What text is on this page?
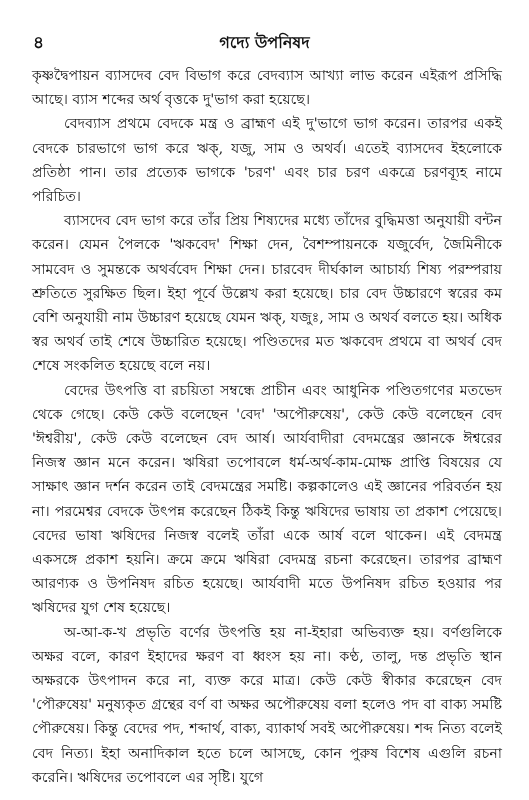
৪	গদ্যে উপনিষদ

কৃষ্ণদ্বৈপায়ন ব্যাসদেব বেদ বিভাগ করে বেদব্যাস আখ্যা লাভ করেন এইরূপ প্রসিদ্ধি আছে। ব্যাস শব্দের অর্থ বৃত্তকে দু'ভাগ করা হয়েছে।

বেদব্যাস প্রথমে বেদকে মন্ত্র ও ব্রাহ্মণ এই দু'ভাগে ভাগ করেন। তারপর একই বেদকে চারভাগে ভাগ করে ঋক্‌, যজু, সাম ও অথর্ব। এতেই ব্যাসদেব ইহলোকে প্রতিষ্ঠা পান। তার প্রত্যেক ভাগকে 'চরণ' এবং চার চরণ একত্রে চরণব্যূহ নামে পরিচিত।

ব্যাসদেব বেদ ভাগ করে তাঁর প্রিয় শিষ্যদের মধ্যে তাঁদের বুদ্ধিমত্তা অনুযায়ী বন্টন করেন। যেমন পৈলকে 'ঋকবেদ' শিক্ষা দেন, বৈশম্পায়নকে যজুর্বেদ, জৈমিনীকে সামবেদ ও সুমন্তকে অথর্ববেদ শিক্ষা দেন। চারবেদ দীর্ঘকাল আচার্য্য শিষ্য পরম্পরায় শ্রুতিতে সুরক্ষিত ছিল। ইহা পূর্বে উল্লেখ করা হয়েছে। চার বেদ উচ্চারণে স্বরের কম বেশি অনুযায়ী নাম উচ্চারণ হয়েছে যেমন ঋক্‌, যজুঃ, সাম ও অথর্ব বলতে হয়। অধিক স্বর অথর্ব তাই শেষে উচ্চারিত হয়েছে। পণ্ডিতদের মত ঋকবেদ প্রথমে বা অথর্ব বেদ শেষে সংকলিত হয়েছে বলে নয়।

বেদের উৎপত্তি বা রচয়িতা সম্বন্ধে প্রাচীন এবং আধুনিক পণ্ডিতগণের মতভেদ থেকে গেছে। কেউ কেউ বলেছেন 'বেদ' 'অপৌরুষেয়', কেউ কেউ বলেছেন বেদ 'ঈশ্বরীয়', কেউ কেউ বলেছেন বেদ আর্ষ। আর্যবাদীরা বেদমন্ত্রের জ্ঞানকে ঈশ্বরের নিজস্ব জ্ঞান মনে করেন। ঋষিরা তপোবলে ধর্ম-অর্থ-কাম-মোক্ষ প্রাপ্তি বিষয়ের যে সাক্ষাৎ জ্ঞান দর্শন করেন তাই বেদমন্ত্রের সমষ্টি। কল্পকালেও এই জ্ঞানের পরিবর্তন হয় না। পরমেশ্বর বেদকে উৎপন্ন করেছেন ঠিকই কিন্তু ঋষিদের ভাষায় তা প্রকাশ পেয়েছে। বেদের ভাষা ঋষিদের নিজস্ব বলেই তাঁরা একে আর্ষ বলে থাকেন। এই বেদমন্ত্র একসঙ্গে প্রকাশ হয়নি। ক্রমে ক্রমে ঋষিরা বেদমন্ত্র রচনা করেছেন। তারপর ব্রাহ্মণ আরণ্যক ও উপনিষদ রচিত হয়েছে। আর্যবাদী মতে উপনিষদ রচিত হওয়ার পর ঋষিদের যুগ শেষ হয়েছে।

অ-আ-ক-খ প্রভৃতি বর্ণের উৎপত্তি হয় না-ইহারা অভিব্যক্ত হয়। বর্ণগুলিকে অক্ষর বলে, কারণ ইহাদের ক্ষরণ বা ধ্বংস হয় না। কণ্ঠ, তালু, দন্ত প্রভৃতি স্থান অক্ষরকে উৎপাদন করে না, ব্যক্ত করে মাত্র। কেউ কেউ স্বীকার করেছেন বেদ 'পৌরুষেয়' মনুষ্যকৃত গ্রন্থের বর্ণ বা অক্ষর অপৌরুষেয় বলা হলেও পদ বা বাক্য সমষ্টি পৌরুষেয়। কিন্তু বেদের পদ, শব্দার্থ, বাক্য, ব্যাকার্থ সবই অপৌরুষেয়। শব্দ নিত্য বলেই বেদ নিত্য। ইহা অনাদিকাল হতে চলে আসছে, কোন পুরুষ বিশেষ এগুলি রচনা করেনি। ঋষিদের তপোবলে এর সৃষ্টি। যুগে
